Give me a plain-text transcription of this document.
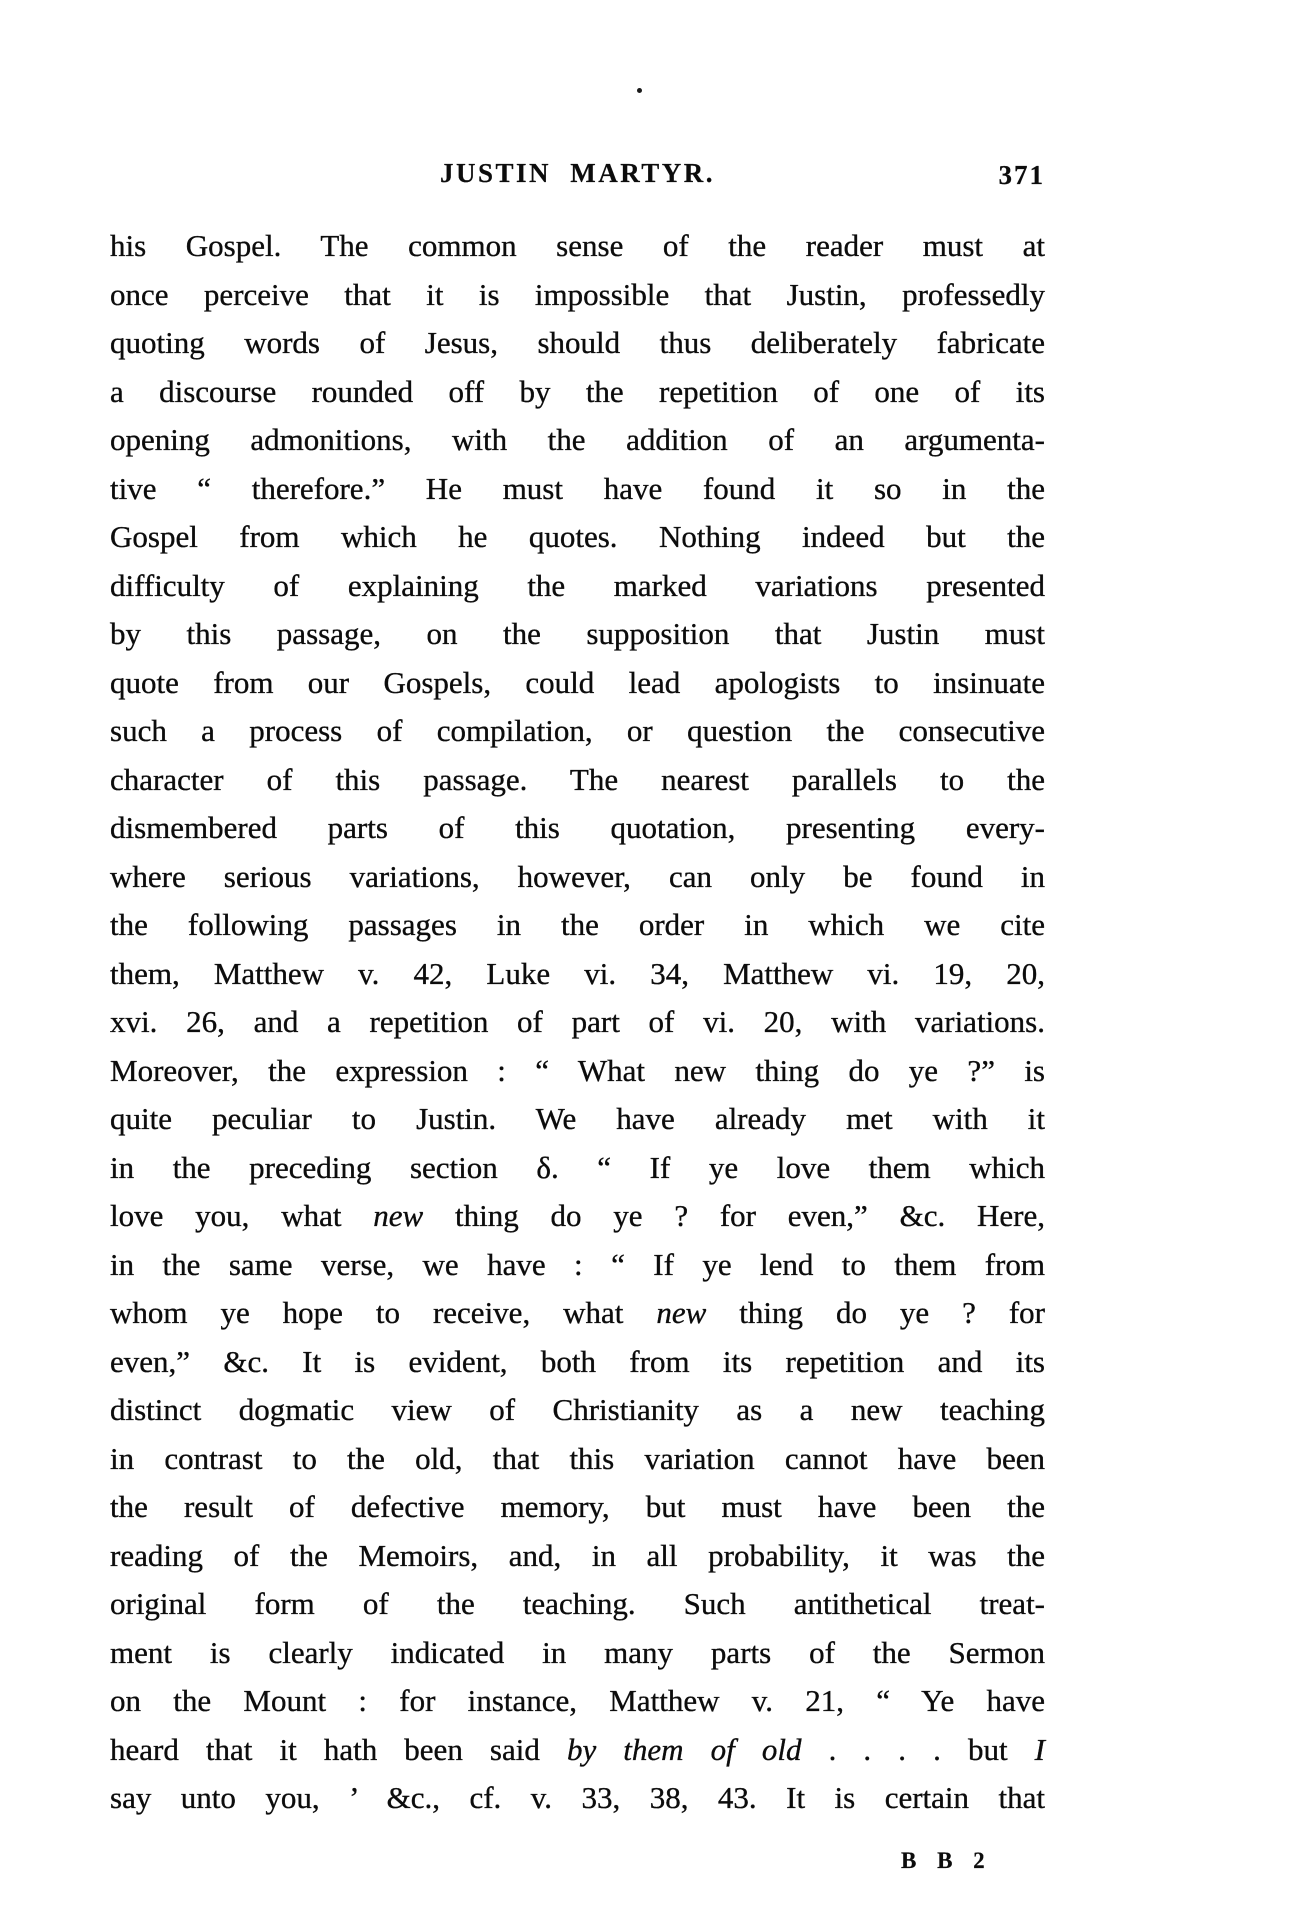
JUSTIN MARTYR.	371
his Gospel. The common sense of the reader must at
once perceive that it is impossible that Justin, professedly
quoting words of Jesus, should thus deliberately fabricate
a discourse rounded off by the repetition of one of its
opening admonitions, with the addition of an argumenta-
tive “ therefore.” He must have found it so in the
Gospel from which he quotes. Nothing indeed but the
difficulty of explaining the marked variations presented
by this passage, on the supposition that Justin must
quote from our Gospels, could lead apologists to insinuate
such a process of compilation, or question the consecutive
character of this passage. The nearest parallels to the
dismembered parts of this quotation, presenting every-
where serious variations, however, can only be found in
the following passages in the order in which we cite
them, Matthew v. 42, Luke vi. 34, Matthew vi. 19, 20,
xvi. 26, and a repetition of part of vi. 20, with variations.
Moreover, the expression : “ What new thing do ye ?” is
quite peculiar to Justin. We have already met with it
in the preceding section δ. “ If ye love them which
love you, what new thing do ye ? for even,” &c. Here,
in the same verse, we have : “ If ye lend to them from
whom ye hope to receive, what new thing do ye ? for
even,” &c. It is evident, both from its repetition and its
distinct dogmatic view of Christianity as a new teaching
in contrast to the old, that this variation cannot have been
the result of defective memory, but must have been the
reading of the Memoirs, and, in all probability, it was the
original form of the teaching. Such antithetical treat-
ment is clearly indicated in many parts of the Sermon
on the Mount : for instance, Matthew v. 21, “ Ye have
heard that it hath been said by them of old . . . . but I
say unto you, ’ &c., cf. v. 33, 38, 43. It is certain that
B B 2
